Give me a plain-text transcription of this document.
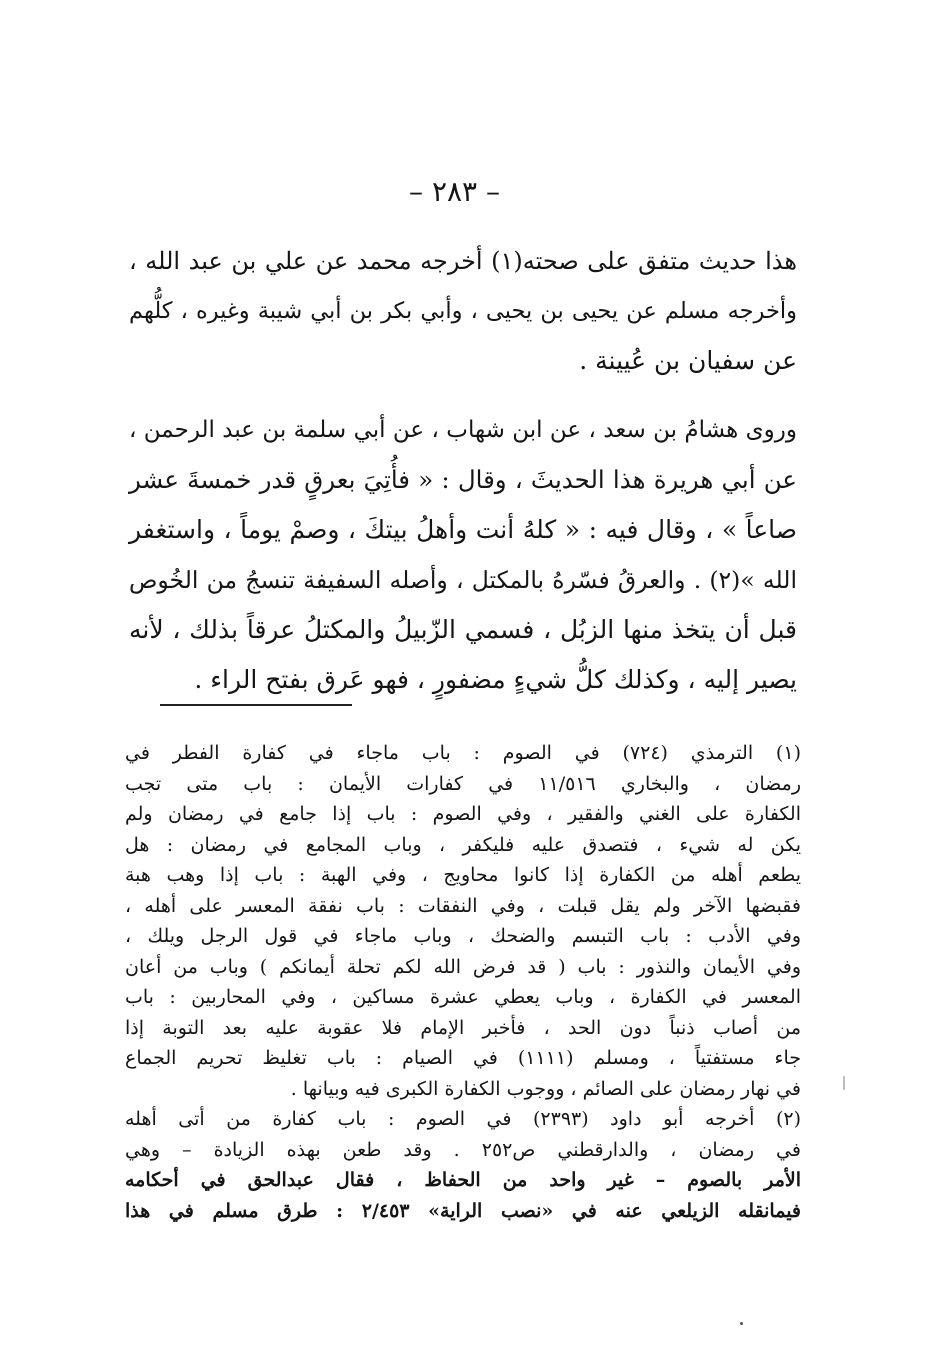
– ٢٨٣ –
هذا حديث متفق على صحته(١) أخرجه محمد عن علي بن عبد الله ،
وأخرجه مسلم عن يحيى بن يحيى ، وأبي بكر بن أبي شيبة وغيره ، كلُّهم
عن سفيان بن عُيينة .
وروى هشامُ بن سعد ، عن ابن شهاب ، عن أبي سلمة بن عبد الرحمن ،
عن أبي هريرة هذا الحديثَ ، وقال : « فأُتِيَ بعرقٍ قدر خمسةَ عشر
صاعاً » ، وقال فيه : « كلهُ أنت وأهلُ بيتكَ ، وصمْ يوماً ، واستغفر
الله »(٢) . والعرقُ فسّرهُ بالمكتل ، وأصله السفيفة تنسجُ من الخُوص
قبل أن يتخذ منها الزبُل ، فسمي الزّبيلُ والمكتلُ عرقاً بذلك ، لأنه
يصير إليه ، وكذلك كلُّ شيءٍ مضفورٍ ، فهو عَرق بفتح الراء .
(١) الترمذي (٧٢٤) في الصوم : باب ماجاء في كفارة الفطر في
رمضان ، والبخاري ١١/٥١٦ في كفارات الأيمان : باب متى تجب
الكفارة على الغني والفقير ، وفي الصوم : باب إذا جامع في رمضان ولم
يكن له شيء ، فتصدق عليه فليكفر ، وباب المجامع في رمضان : هل
يطعم أهله من الكفارة إذا كانوا محاويج ، وفي الهبة : باب إذا وهب هبة
فقبضها الآخر ولم يقل قبلت ، وفي النفقات : باب نفقة المعسر على أهله ،
وفي الأدب : باب التبسم والضحك ، وباب ماجاء في قول الرجل ويلك ،
وفي الأيمان والنذور : باب ( قد فرض الله لكم تحلة أيمانكم ) وباب من أعان
المعسر في الكفارة ، وباب يعطي عشرة مساكين ، وفي المحاربين : باب
من أصاب ذنباً دون الحد ، فأخبر الإمام فلا عقوبة عليه بعد التوبة إذا
جاء مستفتياً ، ومسلم (١١١١) في الصيام : باب تغليظ تحريم الجماع
في نهار رمضان على الصائم ، ووجوب الكفارة الكبرى فيه وبيانها .
(٢) أخرجه أبو داود (٢٣٩٣) في الصوم : باب كفارة من أتى أهله
في رمضان ، والدارقطني ص٢٥٢ . وقد طعن بهذه الزيادة – وهي
الأمر بالصوم – غير واحد من الحفاظ ، فقال عبدالحق في أحكامه
فيمانقله الزيلعي عنه في «نصب الراية» ٢/٤٥٣ : طرق مسلم في هذا
